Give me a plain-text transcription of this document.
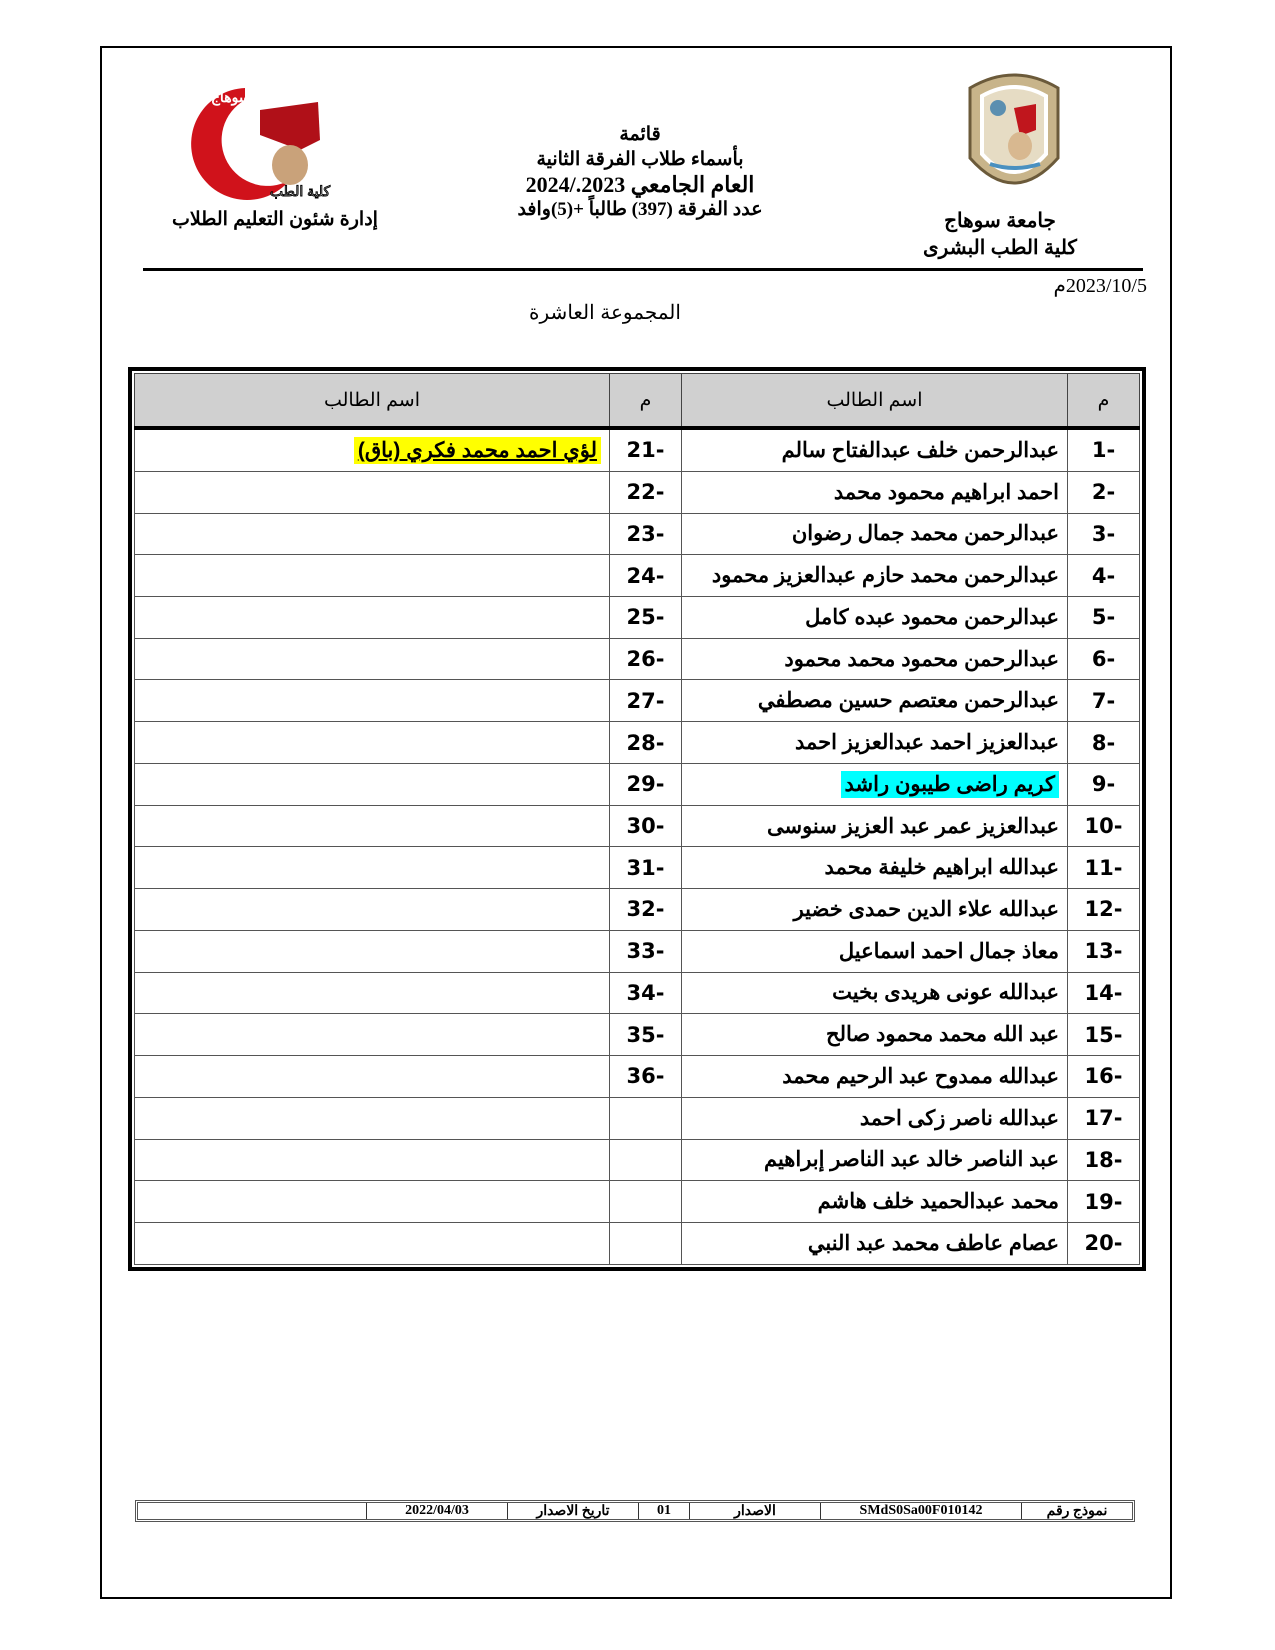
جامعة سوهاج
كلية الطب
إدارة شئون التعليم الطلاب
قائمة
بأسماء طلاب الفرقة الثانية
العام الجامعي 2023./2024
عدد الفرقة (397) طالباً +(5)وافد
جامعة سوهاج
كلية الطب البشرى
2023/10/5م
المجموعة العاشرة
م	اسم الطالب	م	اسم الطالب
-1	عبدالرحمن خلف عبدالفتاح سالم	-21	لؤي احمد محمد فكري (باق)
-2	احمد ابراهيم محمود محمد	-22	
-3	عبدالرحمن محمد جمال رضوان	-23	
-4	عبدالرحمن محمد حازم عبدالعزيز محمود	-24	
-5	عبدالرحمن محمود عبده كامل	-25	
-6	عبدالرحمن محمود محمد محمود	-26	
-7	عبدالرحمن معتصم حسين مصطفي	-27	
-8	عبدالعزيز احمد عبدالعزيز احمد	-28	
-9	كريم راضى طيبون راشد	-29	
-10	عبدالعزيز عمر عبد العزيز سنوسى	-30	
-11	عبدالله ابراهيم خليفة محمد	-31	
-12	عبدالله علاء الدين حمدى خضير	-32	
-13	معاذ جمال احمد اسماعيل	-33	
-14	عبدالله عونى هريدى بخيت	-34	
-15	عبد الله محمد محمود صالح	-35	
-16	عبدالله ممدوح عبد الرحيم محمد	-36	
-17	عبدالله ناصر زكى احمد		
-18	عبد الناصر خالد عبد الناصر إبراهيم		
-19	محمد عبدالحميد خلف هاشم		
-20	عصام عاطف محمد عبد النبي		
نموذج رقم
SMdS0Sa00F010142
الاصدار
01
تاريخ الاصدار
2022/04/03
